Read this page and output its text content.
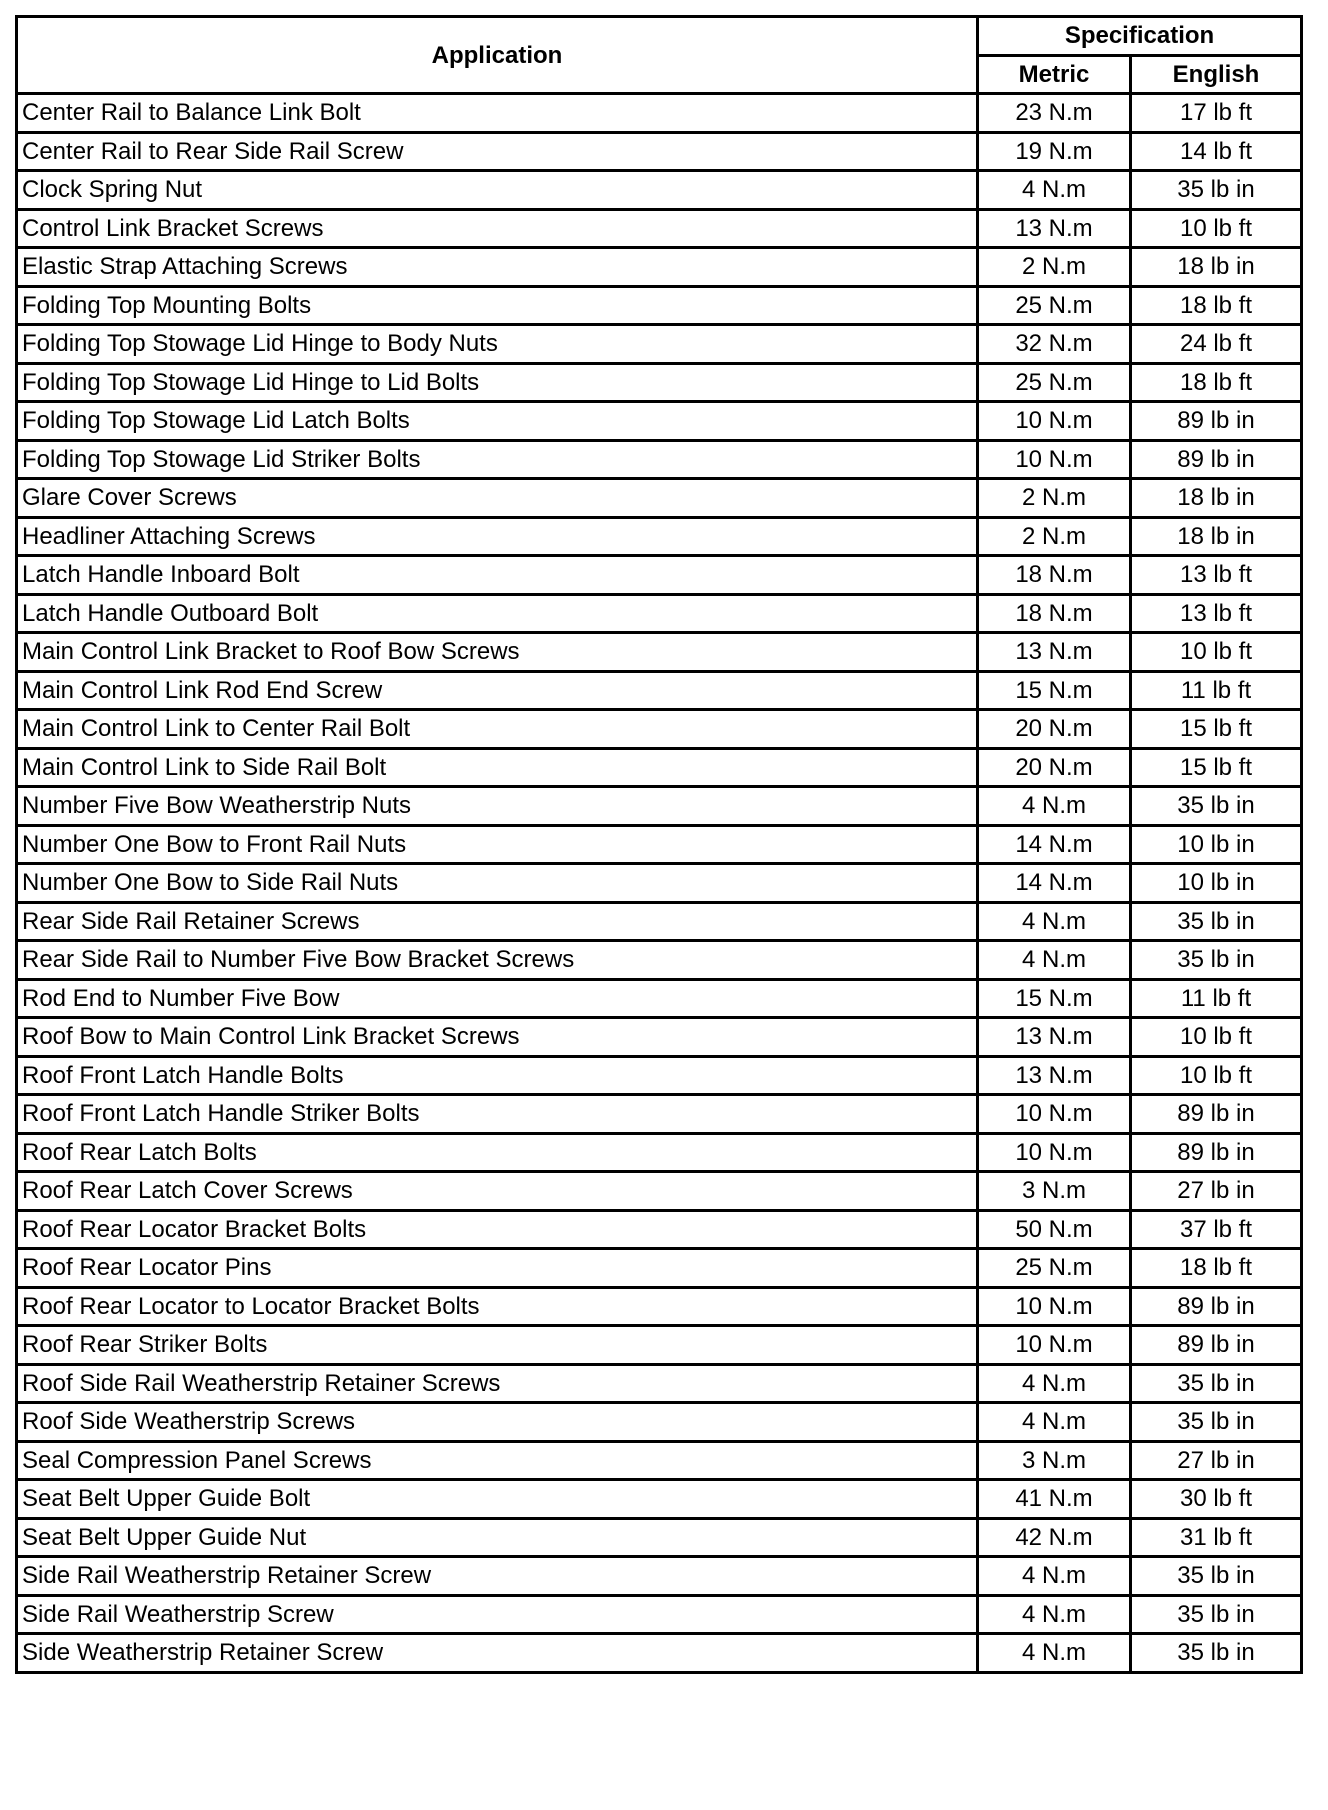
Application	Specification	
	Metric	English
Center Rail to Balance Link Bolt	23 N.m	17 lb ft
Center Rail to Rear Side Rail Screw	19 N.m	14 lb ft
Clock Spring Nut	4 N.m	35 lb in
Control Link Bracket Screws	13 N.m	10 lb ft
Elastic Strap Attaching Screws	2 N.m	18 lb in
Folding Top Mounting Bolts	25 N.m	18 lb ft
Folding Top Stowage Lid Hinge to Body Nuts	32 N.m	24 lb ft
Folding Top Stowage Lid Hinge to Lid Bolts	25 N.m	18 lb ft
Folding Top Stowage Lid Latch Bolts	10 N.m	89 lb in
Folding Top Stowage Lid Striker Bolts	10 N.m	89 lb in
Glare Cover Screws	2 N.m	18 lb in
Headliner Attaching Screws	2 N.m	18 lb in
Latch Handle Inboard Bolt	18 N.m	13 lb ft
Latch Handle Outboard Bolt	18 N.m	13 lb ft
Main Control Link Bracket to Roof Bow Screws	13 N.m	10 lb ft
Main Control Link Rod End Screw	15 N.m	11 lb ft
Main Control Link to Center Rail Bolt	20 N.m	15 lb ft
Main Control Link to Side Rail Bolt	20 N.m	15 lb ft
Number Five Bow Weatherstrip Nuts	4 N.m	35 lb in
Number One Bow to Front Rail Nuts	14 N.m	10 lb in
Number One Bow to Side Rail Nuts	14 N.m	10 lb in
Rear Side Rail Retainer Screws	4 N.m	35 lb in
Rear Side Rail to Number Five Bow Bracket Screws	4 N.m	35 lb in
Rod End to Number Five Bow	15 N.m	11 lb ft
Roof Bow to Main Control Link Bracket Screws	13 N.m	10 lb ft
Roof Front Latch Handle Bolts	13 N.m	10 lb ft
Roof Front Latch Handle Striker Bolts	10 N.m	89 lb in
Roof Rear Latch Bolts	10 N.m	89 lb in
Roof Rear Latch Cover Screws	3 N.m	27 lb in
Roof Rear Locator Bracket Bolts	50 N.m	37 lb ft
Roof Rear Locator Pins	25 N.m	18 lb ft
Roof Rear Locator to Locator Bracket Bolts	10 N.m	89 lb in
Roof Rear Striker Bolts	10 N.m	89 lb in
Roof Side Rail Weatherstrip Retainer Screws	4 N.m	35 lb in
Roof Side Weatherstrip Screws	4 N.m	35 lb in
Seal Compression Panel Screws	3 N.m	27 lb in
Seat Belt Upper Guide Bolt	41 N.m	30 lb ft
Seat Belt Upper Guide Nut	42 N.m	31 lb ft
Side Rail Weatherstrip Retainer Screw	4 N.m	35 lb in
Side Rail Weatherstrip Screw	4 N.m	35 lb in
Side Weatherstrip Retainer Screw	4 N.m	35 lb in
